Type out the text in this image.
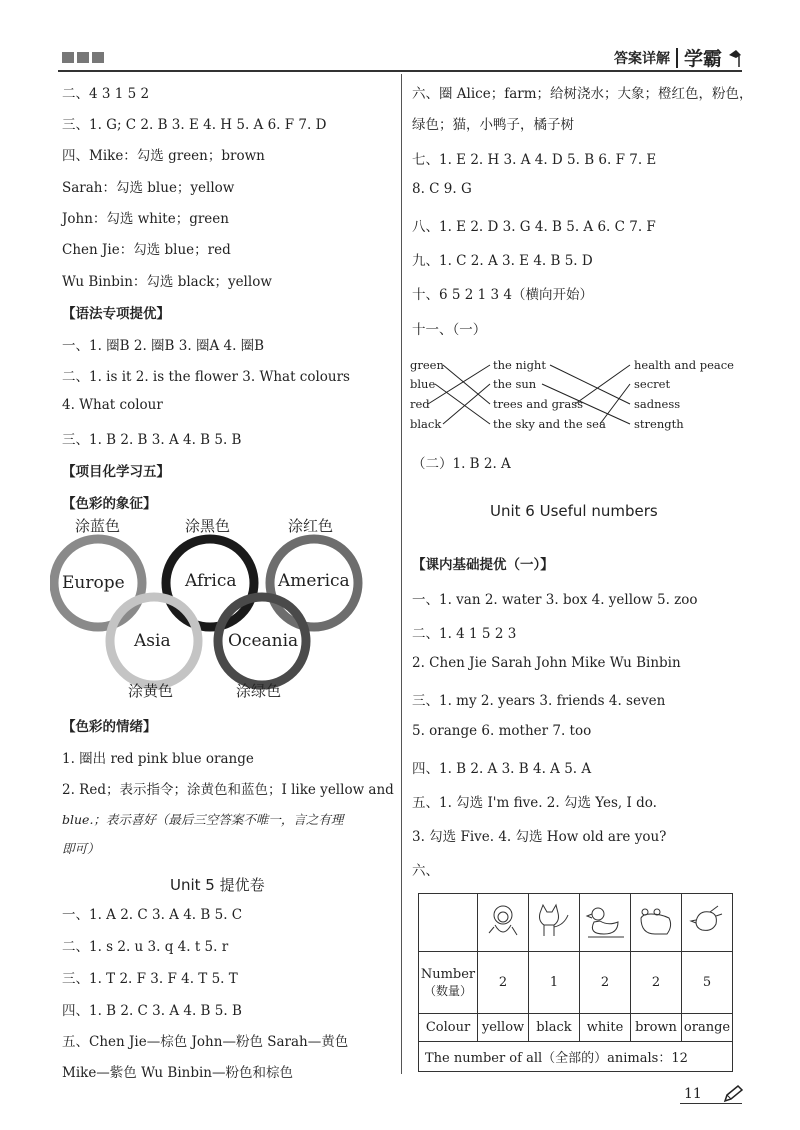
答案详解 学霸
二、4 3 1 5 2
三、1. G; C 2. B 3. E 4. H 5. A 6. F 7. D
四、Mike：勾选 green；brown
Sarah：勾选 blue；yellow
John：勾选 white；green
Chen Jie：勾选 blue；red
Wu Binbin：勾选 black；yellow
【语法专项提优】
一、1. 圈B 2. 圈B 3. 圈A 4. 圈B
二、1. is it 2. is the flower 3. What colours
4. What colour
三、1. B 2. B 3. A 4. B 5. B
【项目化学习五】
【色彩的象征】
涂蓝色	涂黑色	涂红色
Europe	Africa America
Asia	Oceania
涂黄色	涂绿色
【色彩的情绪】
1. 圈出 red pink blue orange
2. Red；表示指令；涂黄色和蓝色；I like yellow and
blue.；表示喜好（最后三空答案不唯一，言之有理
即可）
Unit 5 提优卷
一、1. A 2. C 3. A 4. B 5. C
二、1. s 2. u 3. q 4. t 5. r
三、1. T 2. F 3. F 4. T 5. T
四、1. B 2. C 3. A 4. B 5. B
五、Chen Jie—棕色 John—粉色 Sarah—黄色
Mike—紫色 Wu Binbin—粉色和棕色
六、圈 Alice；farm；给树浇水；大象；橙红色，粉色，
绿色；猫，小鸭子，橘子树
七、1. E 2. H 3. A 4. D 5. B 6. F 7. E
8. C 9. G
八、1. E 2. D 3. G 4. B 5. A 6. C 7. F
九、1. C 2. A 3. E 4. B 5. D
十、6 5 2 1 3 4（横向开始）
十一、（一）
green
blue
red
black
the night
the sun
trees and grass
the sky and the sea
health and peace
secret
sadness
strength
（二）1. B 2. A
Unit 6 Useful numbers
【课内基础提优（一）】
一、1. van 2. water 3. box 4. yellow 5. zoo
二、1. 4 1 5 2 3
2. Chen Jie Sarah John Mike Wu Binbin
三、1. my 2. years 3. friends 4. seven
5. orange 6. mother 7. too
四、1. B 2. A 3. B 4. A 5. A
五、1. 勾选 I'm five. 2. 勾选 Yes, I do.
3. 勾选 Five. 4. 勾选 How old are you?
六、

Number
（数量）	2	1	2	2	5
Colour	yellow	black	white	brown	orange
The number of all（全部的）animals：12					
11
